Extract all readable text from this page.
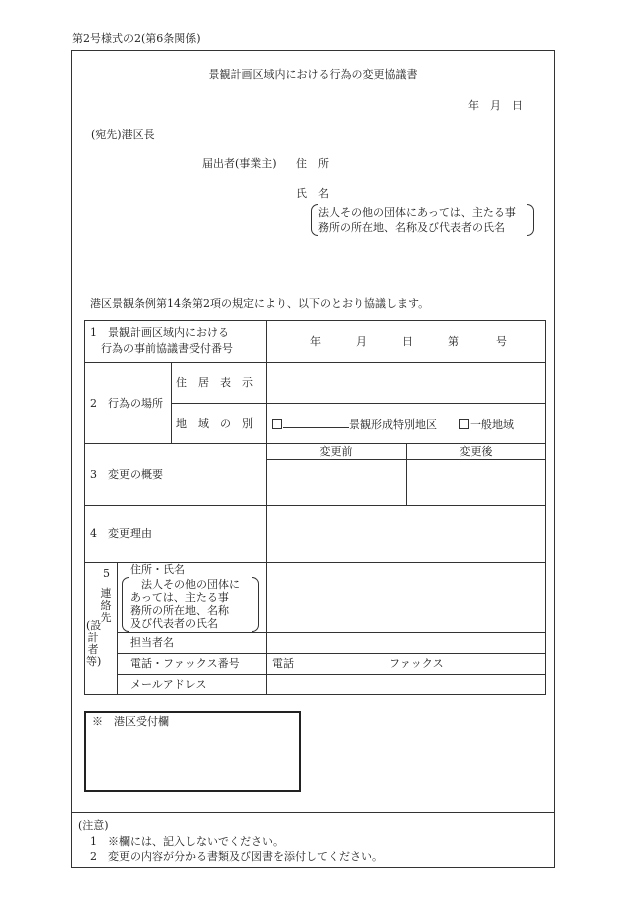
第2号様式の2(第6条関係)
景観計画区域内における行為の変更協議書
年　月　日
(宛先)港区長
届出者(事業主) 住　所
氏　名
法人その他の団体にあっては、主たる事
務所の所在地、名称及び代表者の氏名
港区景観条例第14条第2項の規定により、以下のとおり協議します。
1　景観計画区域内における
行為の事前協議書受付番号
年	月	日	第	号
2　行為の場所
住　居　表　示
地　域　の　別	景観形成特別地区	一般地域
3　変更の概要
変更前	変更後
4　変更理由
5
連絡先
(設計者等)
住所・氏名
法人その他の団体に
あっては、主たる事
務所の所在地、名称
及び代表者の氏名
担当者名
電話・ファックス番号	電話	ファックス
メールアドレス
※　港区受付欄
(注意)
1　※欄には、記入しないでください。
2　変更の内容が分かる書類及び図書を添付してください。
